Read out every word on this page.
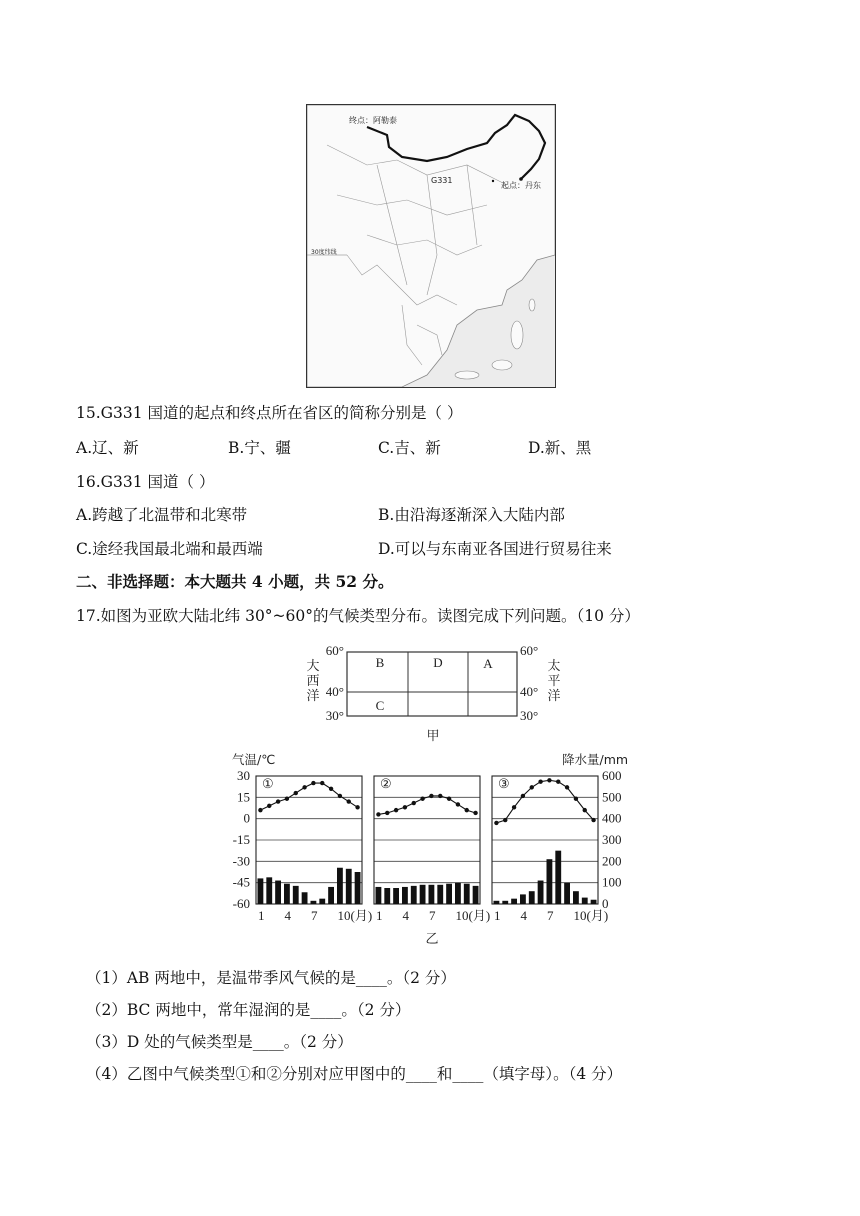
终点：阿勒泰
G331
起点：丹东
30度纬线
15.G331 国道的起点和终点所在省区的简称分别是（ ）
A.辽、新	B.宁、疆	C.吉、新	D.新、黑
16.G331 国道（ ）
A.跨越了北温带和北寒带	B.由沿海逐渐深入大陆内部
C.途经我国最北端和最西端	D.可以与东南亚各国进行贸易往来
二、非选择题：本大题共 4 小题，共 52 分。
17.如图为亚欧大陆北纬 30°~60°的气候类型分布。读图完成下列问题。（10 分）
60°
40°
30°
60°
40°
30°
大
西
洋
太
平
洋
B	D	A
C
甲
气温/℃	降水量/mm
30
15
0
-15
-30
-45
-60
600
500
400
300
200
100
0
①
1 4 7 10(月)
②
1 4 7 10(月)
③
1 4 7 10(月)
乙
（1）AB 两地中，是温带季风气候的是____。（2 分）
（2）BC 两地中，常年湿润的是____。（2 分）
（3）D 处的气候类型是____。（2 分）
（4）乙图中气候类型①和②分别对应甲图中的____和____（填字母）。（4 分）
